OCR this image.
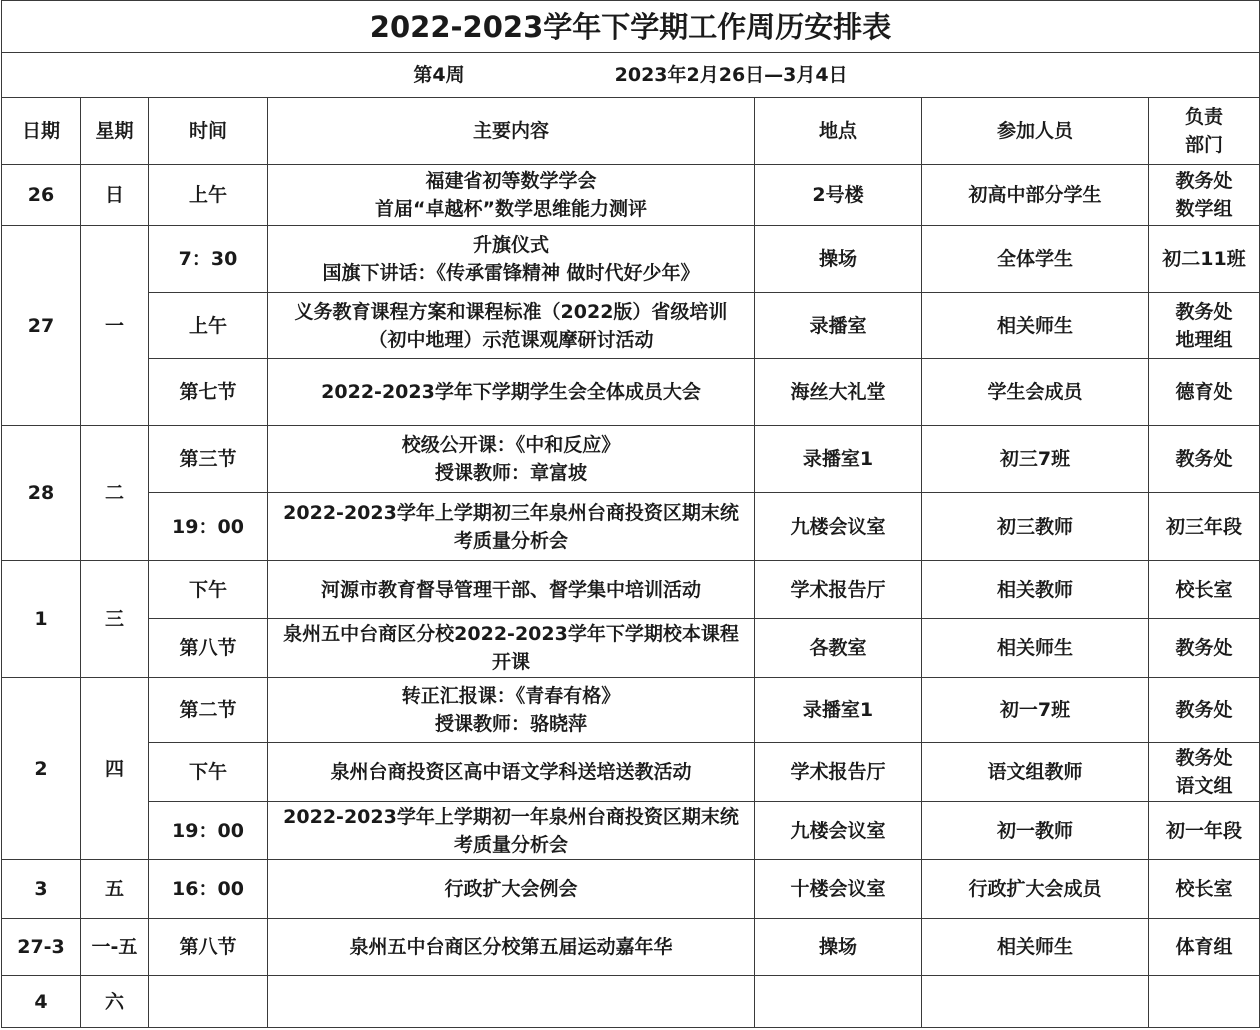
2022-2023学年下学期工作周历安排表						
第4周 2023年2月26日—3月4日						
日期	星期	时间	主要内容	地点	参加人员	负责
部门
26	日	上午	福建省初等数学学会
首届“卓越杯”数学思维能力测评	2号楼	初高中部分学生	教务处
数学组
27	一	7：30	升旗仪式
国旗下讲话：《传承雷锋精神 做时代好少年》	操场	全体学生	初二11班
		上午	义务教育课程方案和课程标准（2022版）省级培训
（初中地理）示范课观摩研讨活动	录播室	相关师生	教务处
地理组
		第七节	2022-2023学年下学期学生会全体成员大会	海丝大礼堂	学生会成员	德育处
28	二	第三节	校级公开课：《中和反应》
授课教师：章富坡	录播室1	初三7班	教务处
		19：00	2022-2023学年上学期初三年泉州台商投资区期末统
考质量分析会	九楼会议室	初三教师	初三年段
1	三	下午	河源市教育督导管理干部、督学集中培训活动	学术报告厅	相关教师	校长室
		第八节	泉州五中台商区分校2022-2023学年下学期校本课程
开课	各教室	相关师生	教务处
2	四	第二节	转正汇报课：《青春有格》
授课教师：骆晓萍	录播室1	初一7班	教务处
		下午	泉州台商投资区高中语文学科送培送教活动	学术报告厅	语文组教师	教务处
语文组
		19：00	2022-2023学年上学期初一年泉州台商投资区期末统
考质量分析会	九楼会议室	初一教师	初一年段
3	五	16：00	行政扩大会例会	十楼会议室	行政扩大会成员	校长室
27-3	一-五	第八节	泉州五中台商区分校第五届运动嘉年华	操场	相关师生	体育组
4	六					
